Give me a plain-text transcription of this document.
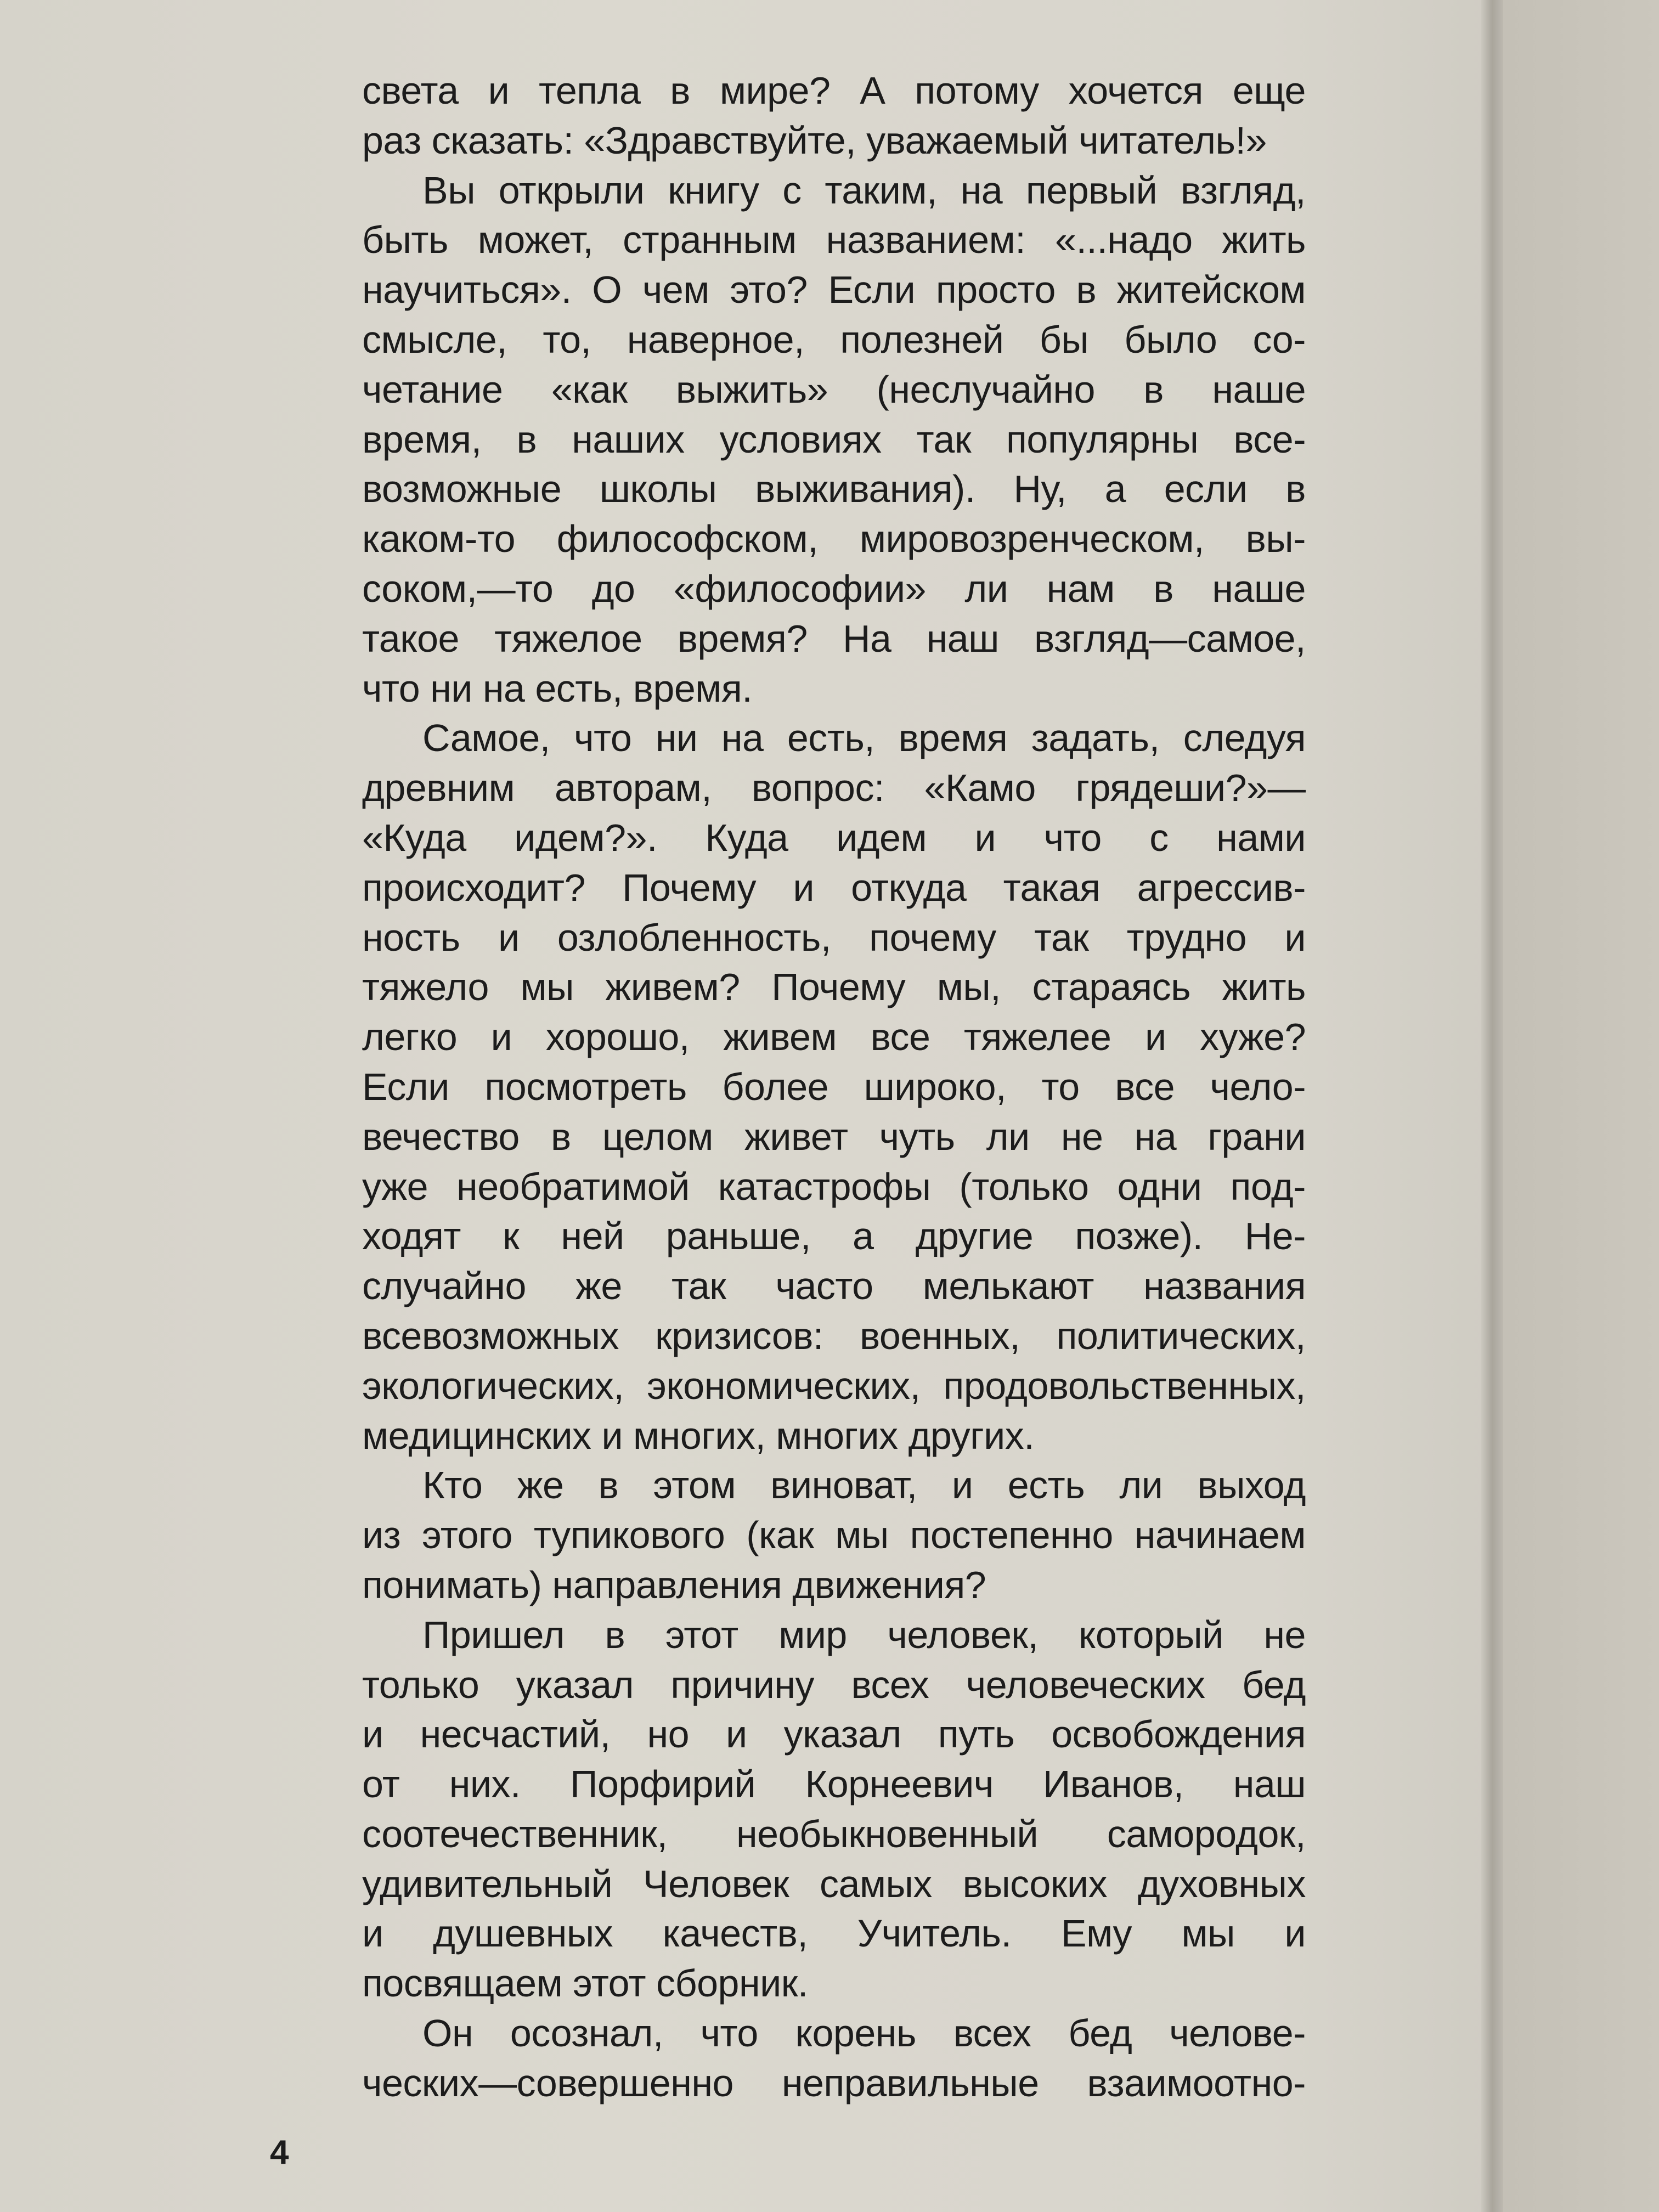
света и тепла в мире? А потому хочется еще
раз сказать: «Здравствуйте, уважаемый читатель!»
Вы открыли книгу с таким, на первый взгляд,
быть может, странным названием: «...надо жить
научиться». О чем это? Если просто в житейском
смысле, то, наверное, полезней бы было со-
четание «как выжить» (неслучайно в наше
время, в наших условиях так популярны все-
возможные школы выживания). Ну, а если в
каком-то философском, мировозренческом, вы-
соком,—то до «философии» ли нам в наше
такое тяжелое время? На наш взгляд—самое,
что ни на есть, время.
Самое, что ни на есть, время задать, следуя
древним авторам, вопрос: «Камо грядеши?»—
«Куда идем?». Куда идем и что с нами
происходит? Почему и откуда такая агрессив-
ность и озлобленность, почему так трудно и
тяжело мы живем? Почему мы, стараясь жить
легко и хорошо, живем все тяжелее и хуже?
Если посмотреть более широко, то все чело-
вечество в целом живет чуть ли не на грани
уже необратимой катастрофы (только одни под-
ходят к ней раньше, а другие позже). Не-
случайно же так часто мелькают названия
всевозможных кризисов: военных, политических,
экологических, экономических, продовольственных,
медицинских и многих, многих других.
Кто же в этом виноват, и есть ли выход
из этого тупикового (как мы постепенно начинаем
понимать) направления движения?
Пришел в этот мир человек, который не
только указал причину всех человеческих бед
и несчастий, но и указал путь освобождения
от них. Порфирий Корнеевич Иванов, наш
соотечественник, необыкновенный самородок,
удивительный Человек самых высоких духовных
и душевных качеств, Учитель. Ему мы и
посвящаем этот сборник.
Он осознал, что корень всех бед челове-
ческих—совершенно неправильные взаимоотно-
4
